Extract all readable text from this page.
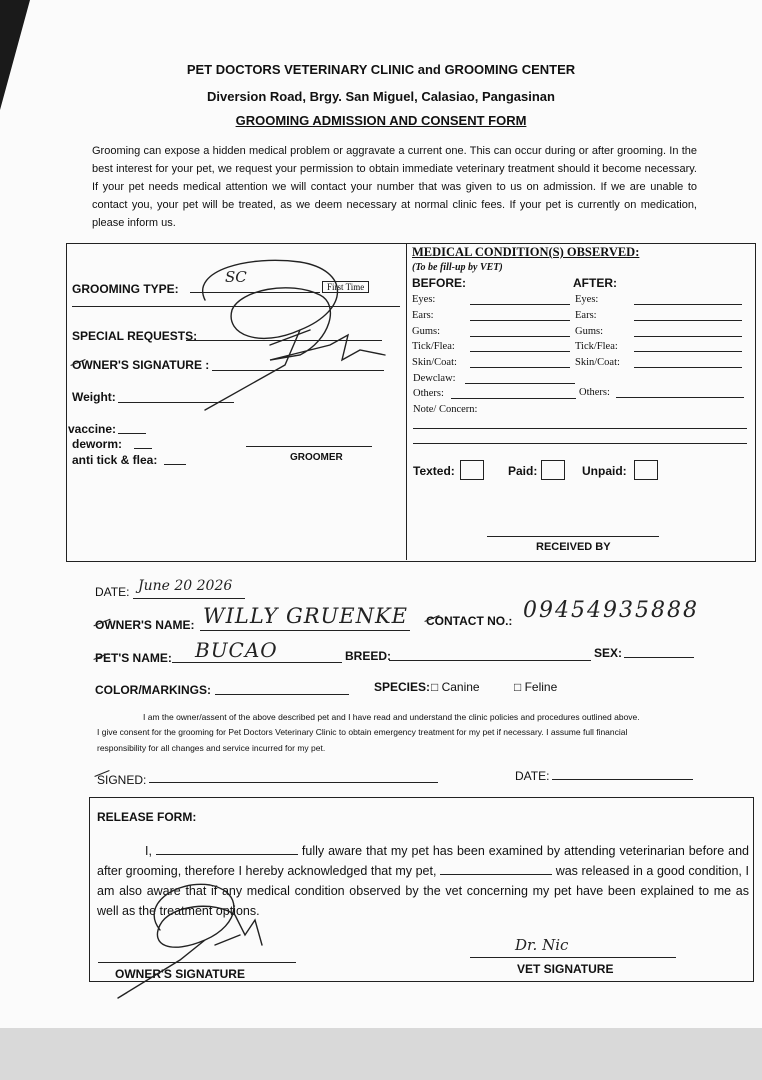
PET DOCTORS VETERINARY CLINIC and GROOMING CENTER
Diversion Road, Brgy. San Miguel, Calasiao, Pangasinan
GROOMING ADMISSION AND CONSENT FORM
Grooming can expose a hidden medical problem or aggravate a current one. This can occur during or after grooming. In the best interest for your pet, we request your permission to obtain immediate veterinary treatment should it become necessary. If your pet needs medical attention we will contact your number that was given to us on admission. If we are unable to contact you, your pet will be treated, as we deem necessary at normal clinic fees. If your pet is currently on medication, please inform us.
GROOMING TYPE:
SC
First Time
SPECIAL REQUESTS:
OWNER'S SIGNATURE :
Weight:
vaccine:
deworm:
anti tick & flea:	GROOMER
MEDICAL CONDITION(S) OBSERVED:
(To be fill-up by VET)
BEFORE:	AFTER:
Eyes:	Eyes:
Ears:	Ears:
Gums:	Gums:
Tick/Flea:	Tick/Flea:
Skin/Coat:	Skin/Coat:
Dewclaw:
Others:	Others:
Note/ Concern:
Texted:	Paid:	Unpaid:
RECEIVED BY
DATE: June 20 2026
OWNER'S NAME: WILLY GRUENKE CONTACT NO.: 09454935888
PET'S NAME: BUCAO	BREED:	SEX:
COLOR/MARKINGS:	SPECIES: □ Canine	□ Feline
I am the owner/assent of the above described pet and I have read and understand the clinic policies and procedures outlined above.
I give consent for the grooming for Pet Doctors Veterinary Clinic to obtain emergency treatment for my pet if necessary. I assume full financial
responsibility for all changes and service incurred for my pet.
SIGNED:	DATE:
RELEASE FORM:
I,	fully aware that my pet has been examined by attending veterinarian before and after grooming, therefore I hereby acknowledged that my pet,	was released in a good condition, I am also aware that if any medical condition observed by the vet concerning my pet have been explained to me as well as the treatment options.
OWNER'S SIGNATURE
Dr. Nic
VET SIGNATURE
